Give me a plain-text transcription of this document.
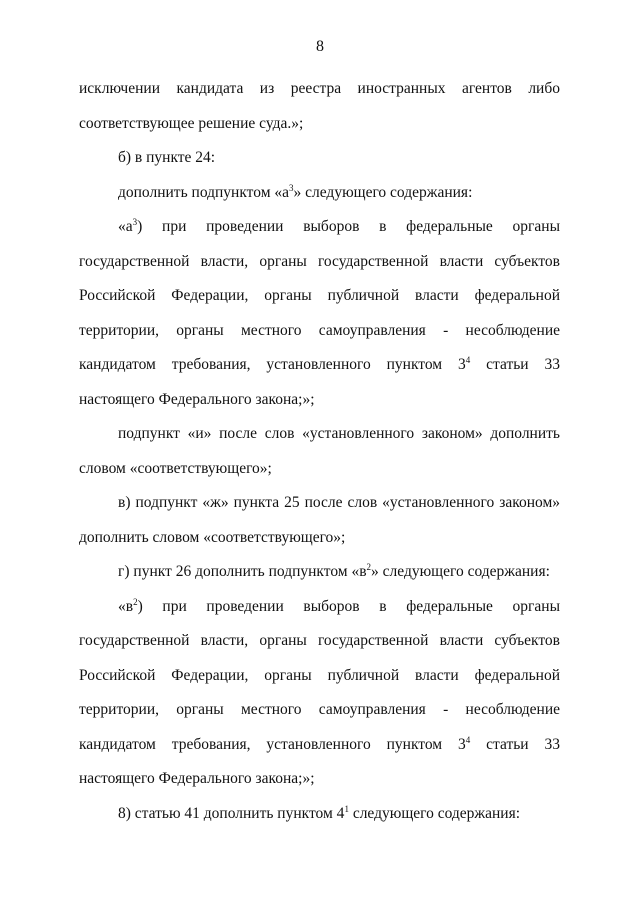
8
исключении кандидата из реестра иностранных агентов либо
соответствующее решение суда.»;
б) в пункте 24:
дополнить подпунктом «$а^3$» следующего содержания:
«$а^3$) при проведении выборов в федеральные органы государственной власти, органы государственной власти субъектов Российской Федерации, органы публичной власти федеральной территории, органы местного самоуправления - несоблюдение кандидатом требования, установленного пунктом $3^4$ статьи 33 настоящего Федерального закона;»;
подпункт «и» после слов «установленного законом» дополнить словом «соответствующего»;
в) подпункт «ж» пункта 25 после слов «установленного законом» дополнить словом «соответствующего»;
г) пункт 26 дополнить подпунктом «$в^2$» следующего содержания:
«$в^2$) при проведении выборов в федеральные органы государственной власти, органы государственной власти субъектов Российской Федерации, органы публичной власти федеральной территории, органы местного самоуправления - несоблюдение кандидатом требования, установленного пунктом $3^4$ статьи 33 настоящего Федерального закона;»;
8) статью 41 дополнить пунктом $4^1$ следующего содержания:
